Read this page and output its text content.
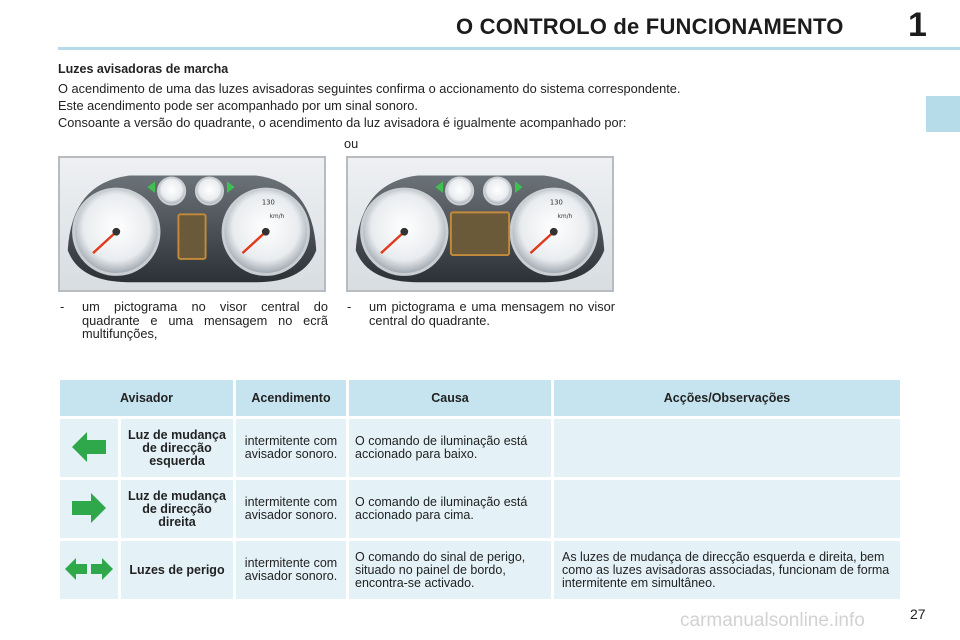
O CONTROLO de FUNCIONAMENTO 1
Luzes avisadoras de marcha

O acendimento de uma das luzes avisadoras seguintes confirma o accionamento do sistema correspondente.

Este acendimento pode ser acompanhado por um sinal sonoro.

Consoante a versão do quadrante, o acendimento da luz avisadora é igualmente acompanhado por:

ou
130
km/h
130
km/h
- um pictograma no visor central do quadrante e uma mensagem no ecrã multifunções,
- um pictograma e uma mensagem no visor central do quadrante.
Avisador		Acendimento	Causa	Acções/Observações
	Luz de mudança de direcção esquerda	intermitente com avisador sonoro.	O comando de iluminação está accionado para baixo.	
	Luz de mudança de direcção direita	intermitente com avisador sonoro.	O comando de iluminação está accionado para cima.	
	Luzes de perigo	intermitente com avisador sonoro.	O comando do sinal de perigo, situado no painel de bordo, encontra-se activado.	As luzes de mudança de direcção esquerda e direita, bem como as luzes avisadoras associadas, funcionam de forma intermitente em simultâneo.
carmanualsonline.info	27
